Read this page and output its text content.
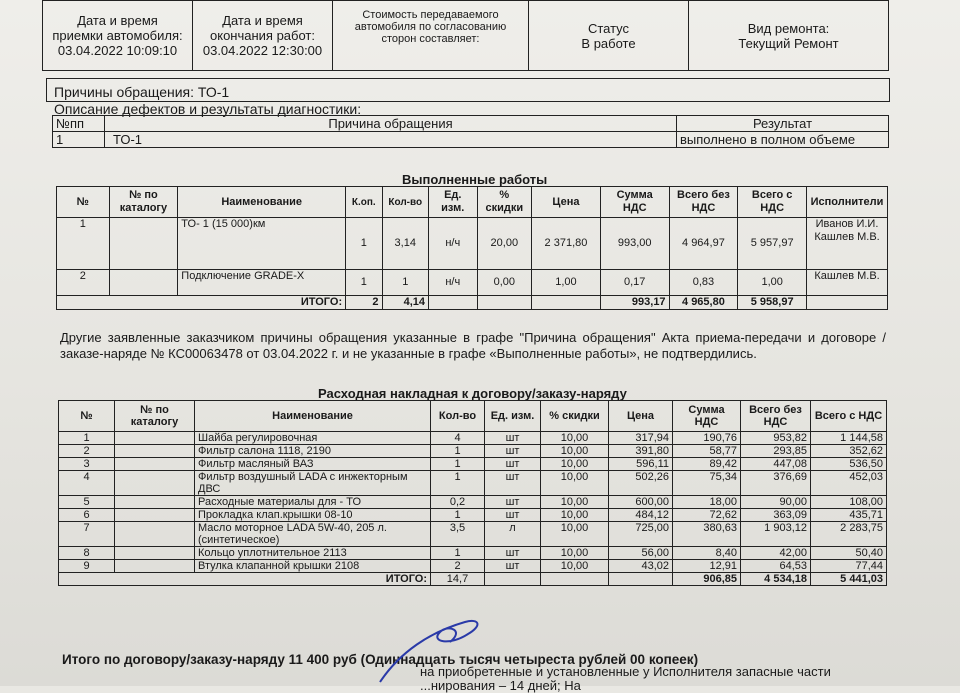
Дата и время приемки автомобиля:
03.04.2022 10:09:10

Дата и время окончания работ:
03.04.2022 12:30:00

Стоимость передаваемого автомобиля по согласованию сторон составляет:

Статус
В работе

Вид ремонта:
Текущий Ремонт
Причины обращения: ТО-1
Описание дефектов и результаты диагностики:
№пп	Причина обращения	Результат
1	ТО-1	выполнено в полном объеме
Выполненные работы
№	№ по каталогу	Наименование	К.оп.	Кол-во	Ед. изм.	% скидки	Цена	Сумма НДС	Всего без НДС	Всего с НДС	Исполнители
1		ТО- 1 (15 000)км	1	3,14	н/ч	20,00	2 371,80	993,00	4 964,97	5 957,97	Иванов И.И. Кашлев М.В.
2		Подключение GRADE-X	1	1	н/ч	0,00	1,00	0,17	0,83	1,00	Кашлев М.В.
ИТОГО:			2	4,14				993,17	4 965,80	5 958,97	
Другие заявленные заказчиком причины обращения указанные в графе "Причина обращения" Акта приема-передачи и договоре /заказе-наряде № КС00063478 от 03.04.2022 г. и не указанные в графе «Выполненные работы», не подтвердились.
Расходная накладная к договору/заказу-наряду
№	№ по каталогу	Наименование	Кол-во	Ед. изм.	% скидки	Цена	Сумма НДС	Всего без НДС	Всего с НДС
1		Шайба регулировочная	4	шт	10,00	317,94	190,76	953,82	1 144,58
2		Фильтр салона 1118, 2190	1	шт	10,00	391,80	58,77	293,85	352,62
3		Фильтр масляный ВАЗ	1	шт	10,00	596,11	89,42	447,08	536,50
4		Фильтр воздушный LADA с инжекторным ДВС	1	шт	10,00	502,26	75,34	376,69	452,03
5		Расходные материалы для - ТО	0,2	шт	10,00	600,00	18,00	90,00	108,00
6		Прокладка клап.крышки 08-10	1	шт	10,00	484,12	72,62	363,09	435,71
7		Масло моторное LADA 5W-40, 205 л. (синтетическое)	3,5	л	10,00	725,00	380,63	1 903,12	2 283,75
8		Кольцо уплотнительное 2113	1	шт	10,00	56,00	8,40	42,00	50,40
9		Втулка клапанной крышки 2108	2	шт	10,00	43,02	12,91	64,53	77,44
ИТОГО:			14,7				906,85	4 534,18	5 441,03
Итого по договору/заказу-наряду 11 400 руб (Одиннадцать тысяч четыреста рублей 00 копеек)
на приобретенные и установленные у Исполнителя запасные части
...нирования – 14 дней; На
